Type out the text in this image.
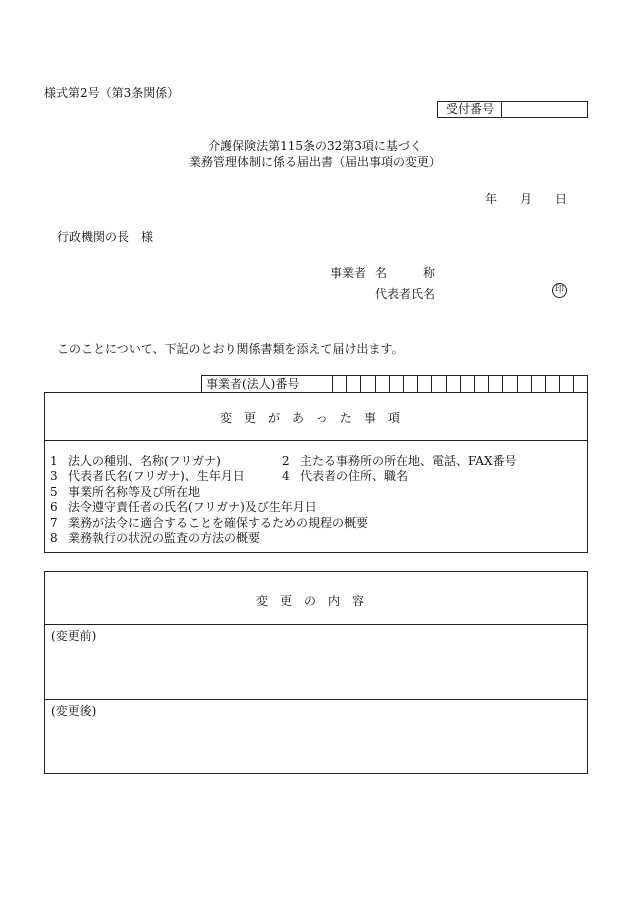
様式第2号（第3条関係）
受付番号
介護保険法第115条の32第3項に基づく
業務管理体制に係る届出書（届出事項の変更）
年 月 日
行政機関の長　様
事業者 名　　　称
代表者氏名	印
このことについて、下記のとおり関係書類を添えて届け出ます。
事業者(法人)番号
変更があった事項
1 法人の種別、名称(フリガナ)	2 主たる事務所の所在地、電話、FAX番号
3 代表者氏名(フリガナ)、生年月日	4 代表者の住所、職名
5 事業所名称等及び所在地
6 法令遵守責任者の氏名(フリガナ)及び生年月日
7 業務が法令に適合することを確保するための規程の概要
8 業務執行の状況の監査の方法の概要
変更の内容
(変更前)
(変更後)
